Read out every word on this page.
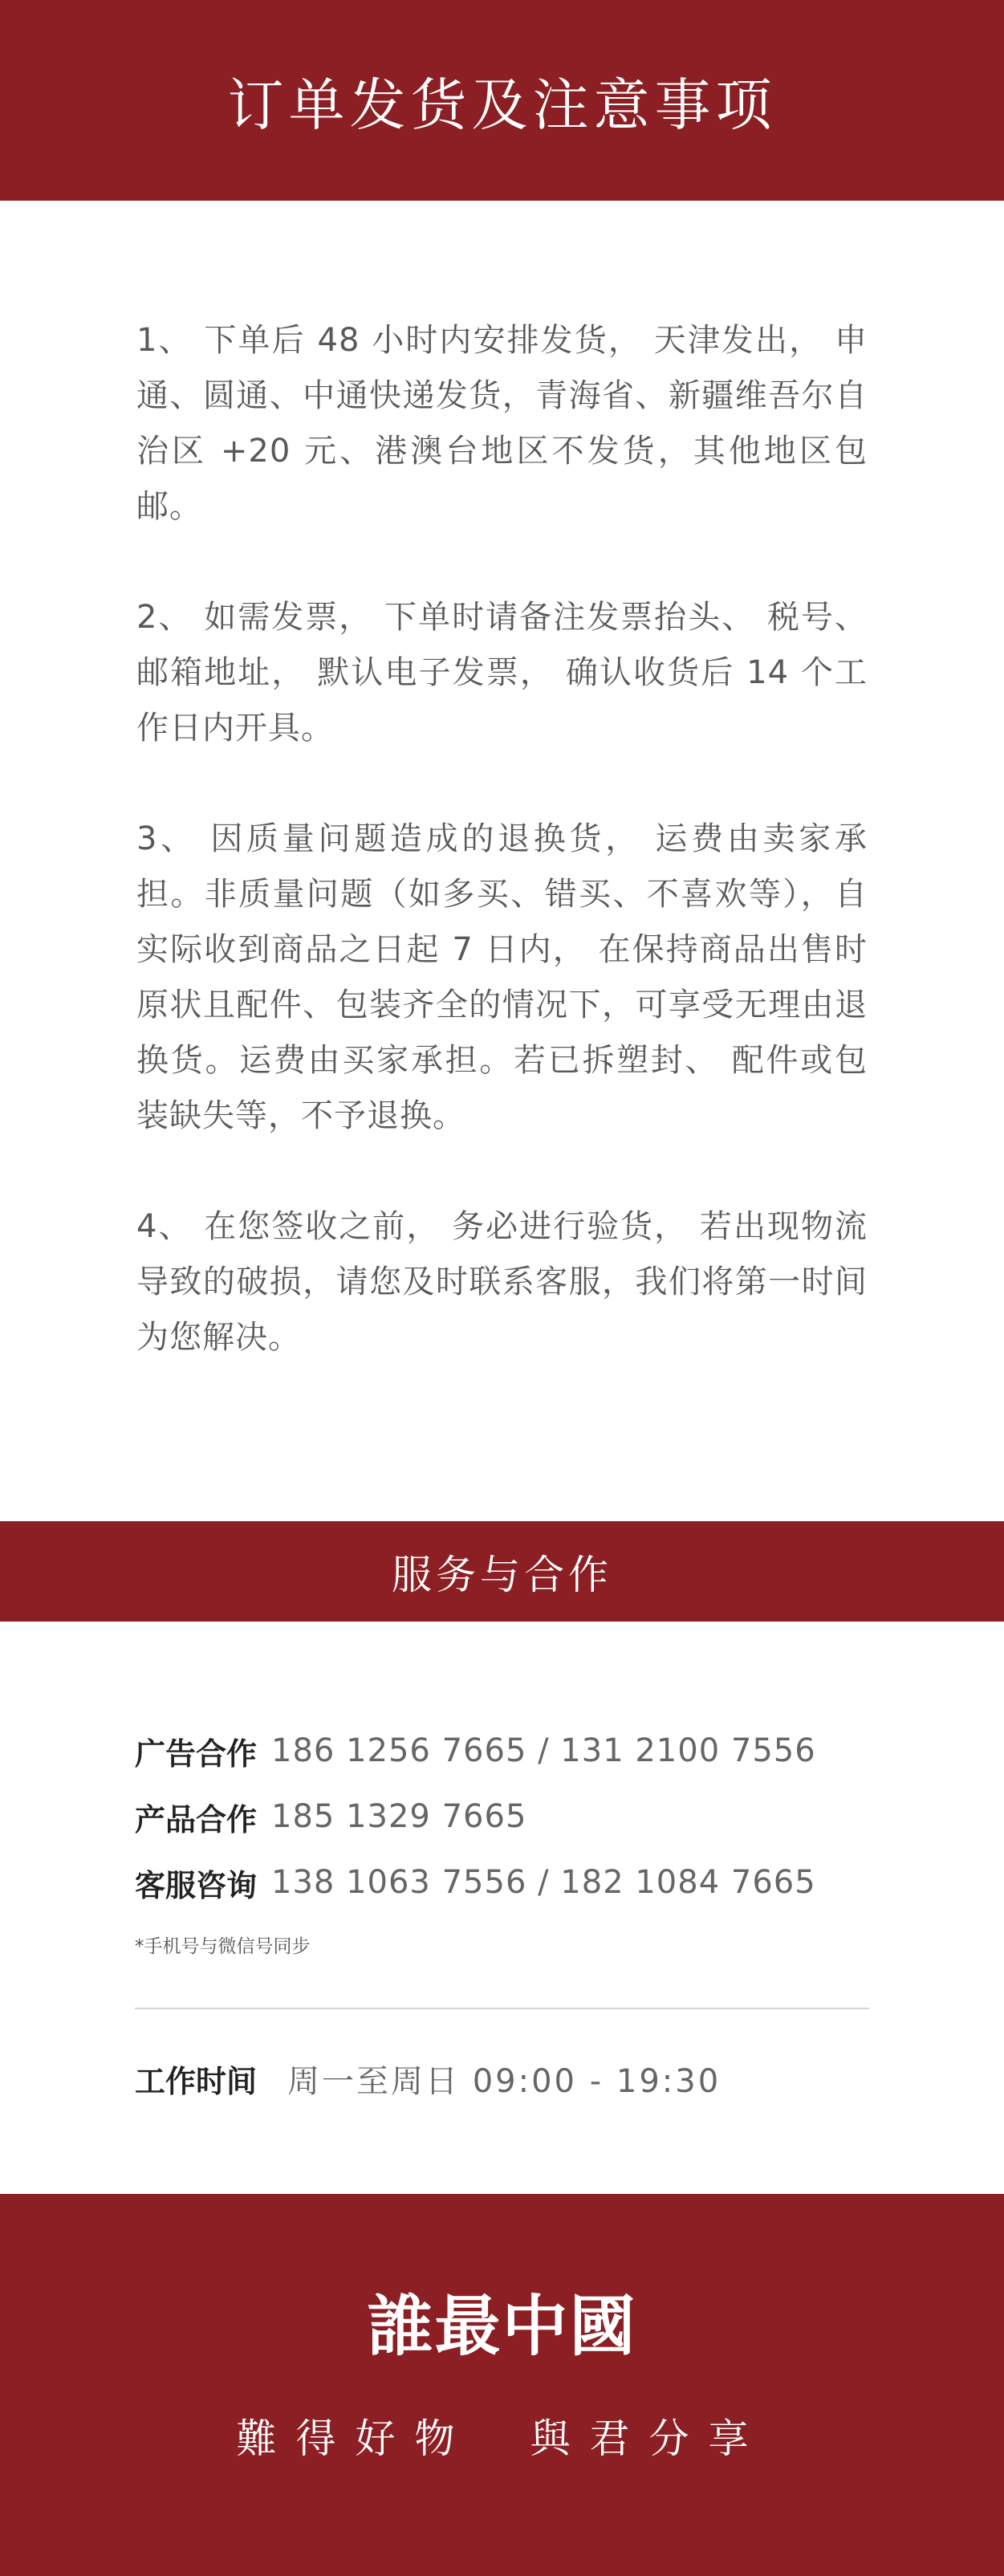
订单发货及注意事项

1、 下单后 48 小时内安排发货， 天津发出， 申通、圆通、中通快递发货，青海省、新疆维吾尔自治区 +20 元、港澳台地区不发货，其他地区包邮。

2、 如需发票， 下单时请备注发票抬头、 税号、邮箱地址， 默认电子发票， 确认收货后 14 个工作日内开具。

3、 因质量问题造成的退换货， 运费由卖家承担。非质量问题（如多买、错买、不喜欢等），自实际收到商品之日起 7 日内， 在保持商品出售时原状且配件、包装齐全的情况下，可享受无理由退换货。运费由买家承担。若已拆塑封、 配件或包装缺失等，不予退换。

4、 在您签收之前， 务必进行验货， 若出现物流导致的破损，请您及时联系客服，我们将第一时间为您解决。

服务与合作
广告合作 186 1256 7665 / 131 2100 7556
产品合作 185 1329 7665
客服咨询 138 1063 7556 / 182 1084 7665
*手机号与微信号同步
工作时间 周一至周日 09:00 - 19:30
誰最中國
難得好物 與君分享
